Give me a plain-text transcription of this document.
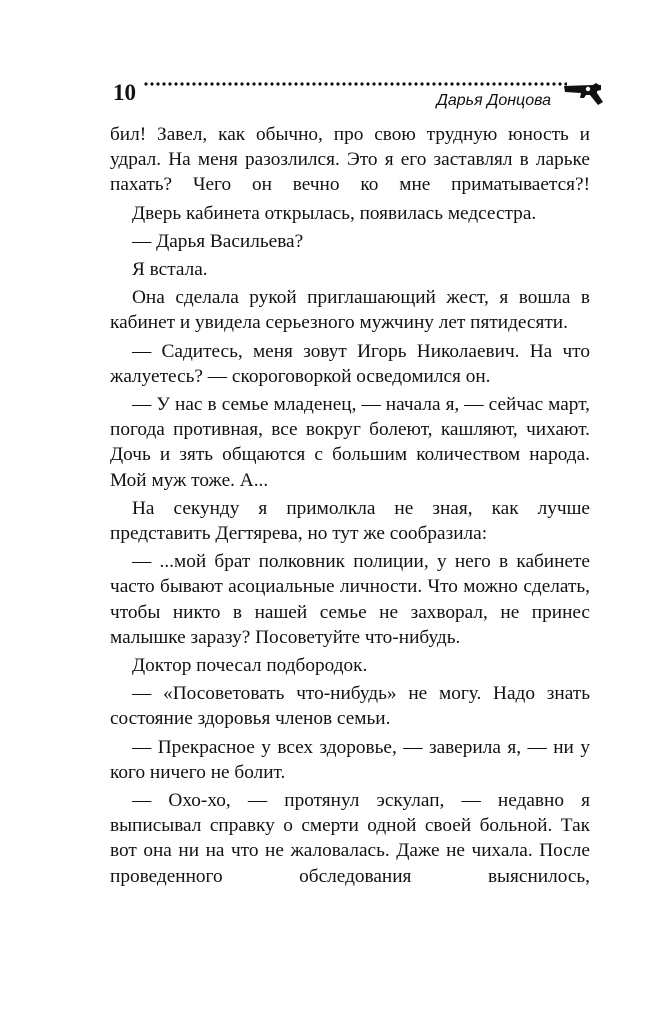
10	Дарья Донцова

бил! Завел, как обычно, про свою трудную юность и удрал. На меня разозлился. Это я его заставлял в ларьке пахать? Чего он вечно ко мне приматывается?!

Дверь кабинета открылась, появилась медсестра.

— Дарья Васильева?

Я встала.

Она сделала рукой приглашающий жест, я вошла в кабинет и увидела серьезного мужчину лет пятидесяти.

— Садитесь, меня зовут Игорь Николаевич. На что жалуетесь? — скороговоркой осведомился он.

— У нас в семье младенец, — начала я, — сейчас март, погода противная, все вокруг болеют, кашляют, чихают. Дочь и зять общаются с большим количеством народа. Мой муж тоже. А...

На секунду я примолкла не зная, как лучше представить Дегтярева, но тут же сообразила:

— ...мой брат полковник полиции, у него в кабинете часто бывают асоциальные личности. Что можно сделать, чтобы никто в нашей семье не захворал, не принес малышке заразу? Посоветуйте что-нибудь.

Доктор почесал подбородок.

— «Посоветовать что-нибудь» не могу. Надо знать состояние здоровья членов семьи.

— Прекрасное у всех здоровье, — заверила я, — ни у кого ничего не болит.

— Охо-хо, — протянул эскулап, — недавно я выписывал справку о смерти одной своей больной. Так вот она ни на что не жаловалась. Даже не чихала. После проведенного обследования выяснилось,
